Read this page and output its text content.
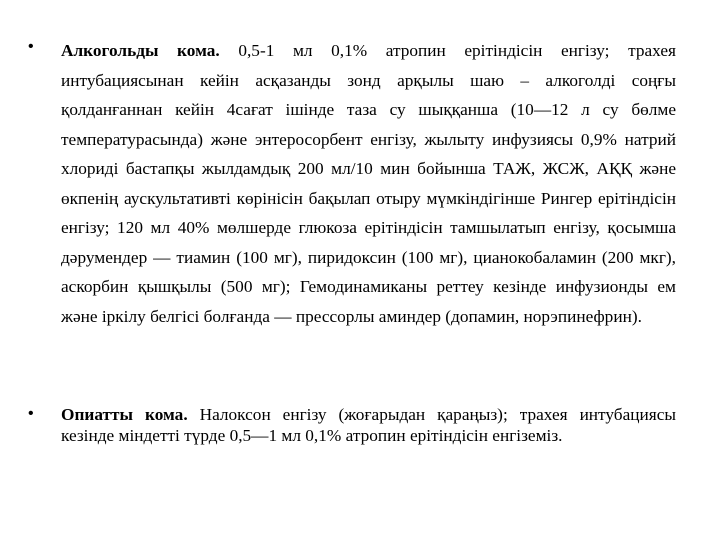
• Алкогольды кома. 0,5-1 мл 0,1% атропин ерітіндісін енгізу; трахея интубациясынан кейін асқазанды зонд арқылы шаю – алкоголді соңғы қолданғаннан кейін 4сағат ішінде таза су шыққанша (10—12 л су бөлме температурасында) және энтеросорбент енгізу, жылыту инфузиясы 0,9% натрий хлориді бастапқы жылдамдық 200 мл/10 мин бойынша ТАЖ, ЖСЖ, АҚҚ және өкпенің аускультативті көрінісін бақылап отыру мүмкіндігінше Рингер ерітіндісін енгізу; 120 мл 40% мөлшерде глюкоза ерітіндісін тамшылатып енгізу, қосымша дәрумендер — тиамин (100 мг), пиридоксин (100 мг), цианокобаламин (200 мкг), аскорбин қышқылы (500 мг); Гемодинамиканы реттеу кезінде инфузионды ем және іркілу белгісі болғанда — прессорлы аминдер (допамин, норэпинефрин).
• Опиатты кома. Налоксон енгізу (жоғарыдан қараңыз); трахея интубациясы кезінде міндетті түрде 0,5—1 мл 0,1% атропин ерітіндісін енгіземіз.
